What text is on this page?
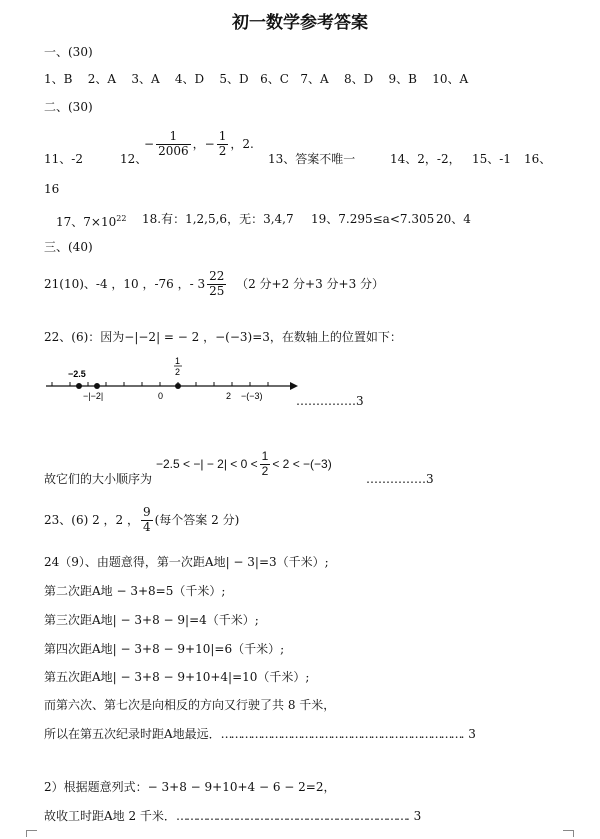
初一数学参考答案
一、(30)
1、B 2、A 3、A 4、D 5、D 6、C 7、A 8、D 9、B 10、A
二、(30)
11、-2	12、
− $\frac{1}{2006}$ ，− $\frac{1}{2}$ ，2.
13、答案不唯一	14、2，-2， 15、-1 16、
16
17、$7\times 10^{22}$ 18.有：1,2,5,6，无：3,4,7 19、7.295≤a<7.305 20、4
三、(40)
21(10)、-4 ，10 ，-76 ，- $3 \frac{22}{25} (2$ 分+2 分+3 分+3 分）
22、(6)：因为−|−2| = − 2 ，−(−3)=3，在数轴上的位置如下：
−2.5
1
2
−|−2|	0	2 −(−3)	……………3
故它们的大小顺序为
−2.5 < −| − $2| < 0 < \frac{1}{2} < 2 < -(-3)$
……………3
23、(6) 2 ，2 ， $\frac{9}{4}$ (每个答案 2 分)
24（9）、由题意得，第一次距A地| − 3|=3（千米）;
第二次距A地 − 3+8=5（千米）;
第三次距A地| − 3+8 − 9|=4（千米）;
第四次距A地| − 3+8 − 9+10|=6（千米）;
第五次距A地| − 3+8 − 9+10+4|=10（千米）;
而第六次、第七次是向相反的方向又行驶了共 8 千米，
所以在第五次纪录时距A地最远．………………………………………………………………. 3
2）根据题意列式：− 3+8 − 9+10+4 − 6 − 2=2，
故收工时距A地 2 千米．……………………………………………………………. 3
